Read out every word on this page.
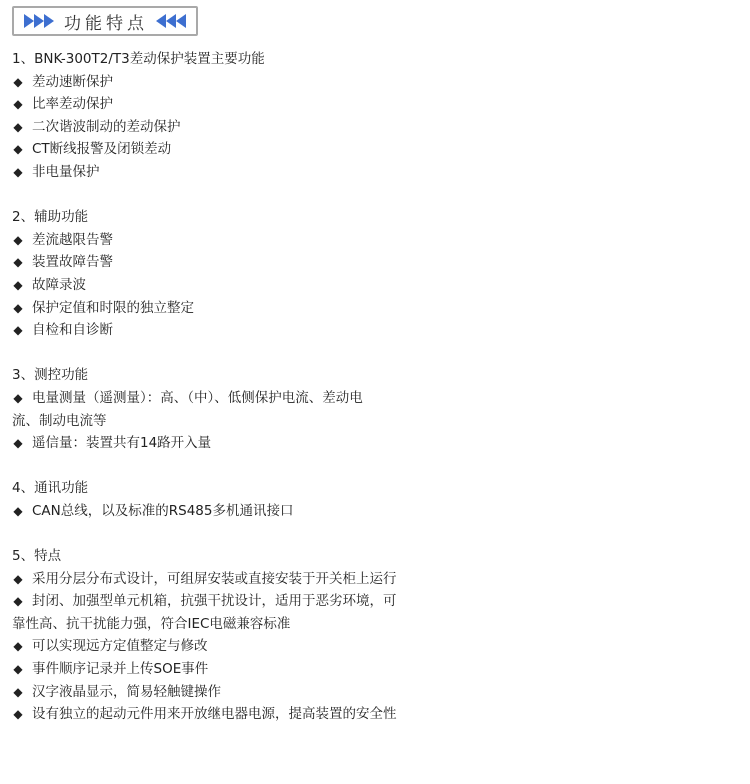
功能特点

1、BNK-300T2/T3差动保护装置主要功能

◆ 差动速断保护
◆ 比率差动保护
◆ 二次谐波制动的差动保护
◆ CT断线报警及闭锁差动
◆ 非电量保护

2、辅助功能

◆ 差流越限告警
◆ 装置故障告警
◆ 故障录波
◆ 保护定值和时限的独立整定
◆ 自检和自诊断

3、测控功能

◆ 电量测量（遥测量）：高、（中）、低侧保护电流、差动电

流、制动电流等

◆ 遥信量：装置共有14路开入量

4、通讯功能

◆ CAN总线，以及标准的RS485多机通讯接口

5、特点

◆ 采用分层分布式设计，可组屏安装或直接安装于开关柜上运行
◆ 封闭、加强型单元机箱，抗强干扰设计，适用于恶劣环境，可

靠性高、抗干扰能力强，符合IEC电磁兼容标准

◆ 可以实现远方定值整定与修改
◆ 事件顺序记录并上传SOE事件
◆ 汉字液晶显示，简易轻触键操作
◆ 设有独立的起动元件用来开放继电器电源，提高装置的安全性
